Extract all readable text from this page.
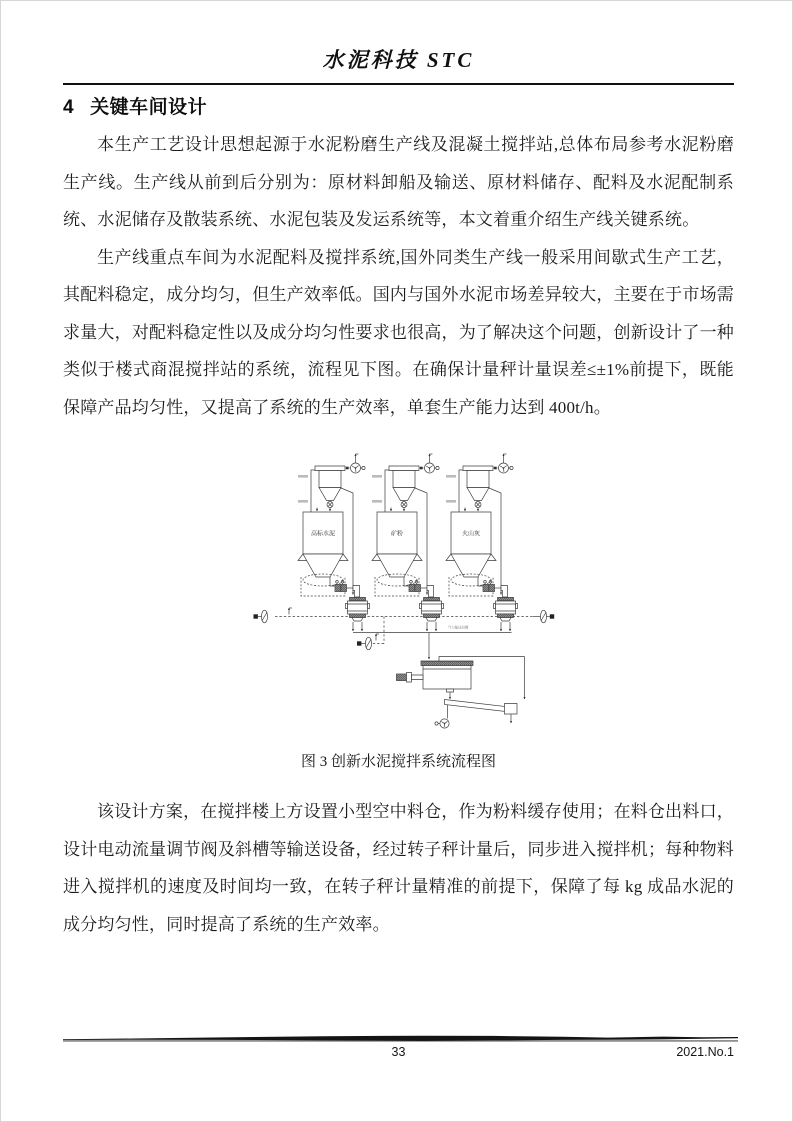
水泥科技 STC
4 关键车间设计

本生产工艺设计思想起源于水泥粉磨生产线及混凝土搅拌站,总体布局参考水泥粉磨生产线。生产线从前到后分别为：原材料卸船及输送、原材料储存、配料及水泥配制系统、水泥储存及散装系统、水泥包装及发运系统等，本文着重介绍生产线关键系统。

生产线重点车间为水泥配料及搅拌系统,国外同类生产线一般采用间歇式生产工艺，其配料稳定，成分均匀，但生产效率低。国内与国外水泥市场差异较大，主要在于市场需求量大，对配料稳定性以及成分均匀性要求也很高，为了解决这个问题，创新设计了一种类似于楼式商混搅拌站的系统，流程见下图。在确保计量秤计量误差≤±1%前提下，既能保障产品均匀性，又提高了系统的生产效率，单套生产能力达到 400t/h。

高标水泥	矿粉	火山灰
气力输送斜槽
图 3 创新水泥搅拌系统流程图

该设计方案，在搅拌楼上方设置小型空中料仓，作为粉料缓存使用；在料仓出料口，设计电动流量调节阀及斜槽等输送设备，经过转子秤计量后，同步进入搅拌机；每种物料进入搅拌机的速度及时间均一致，在转子秤计量精准的前提下，保障了每 kg 成品水泥的成分均匀性，同时提高了系统的生产效率。

33	2021.No.1
